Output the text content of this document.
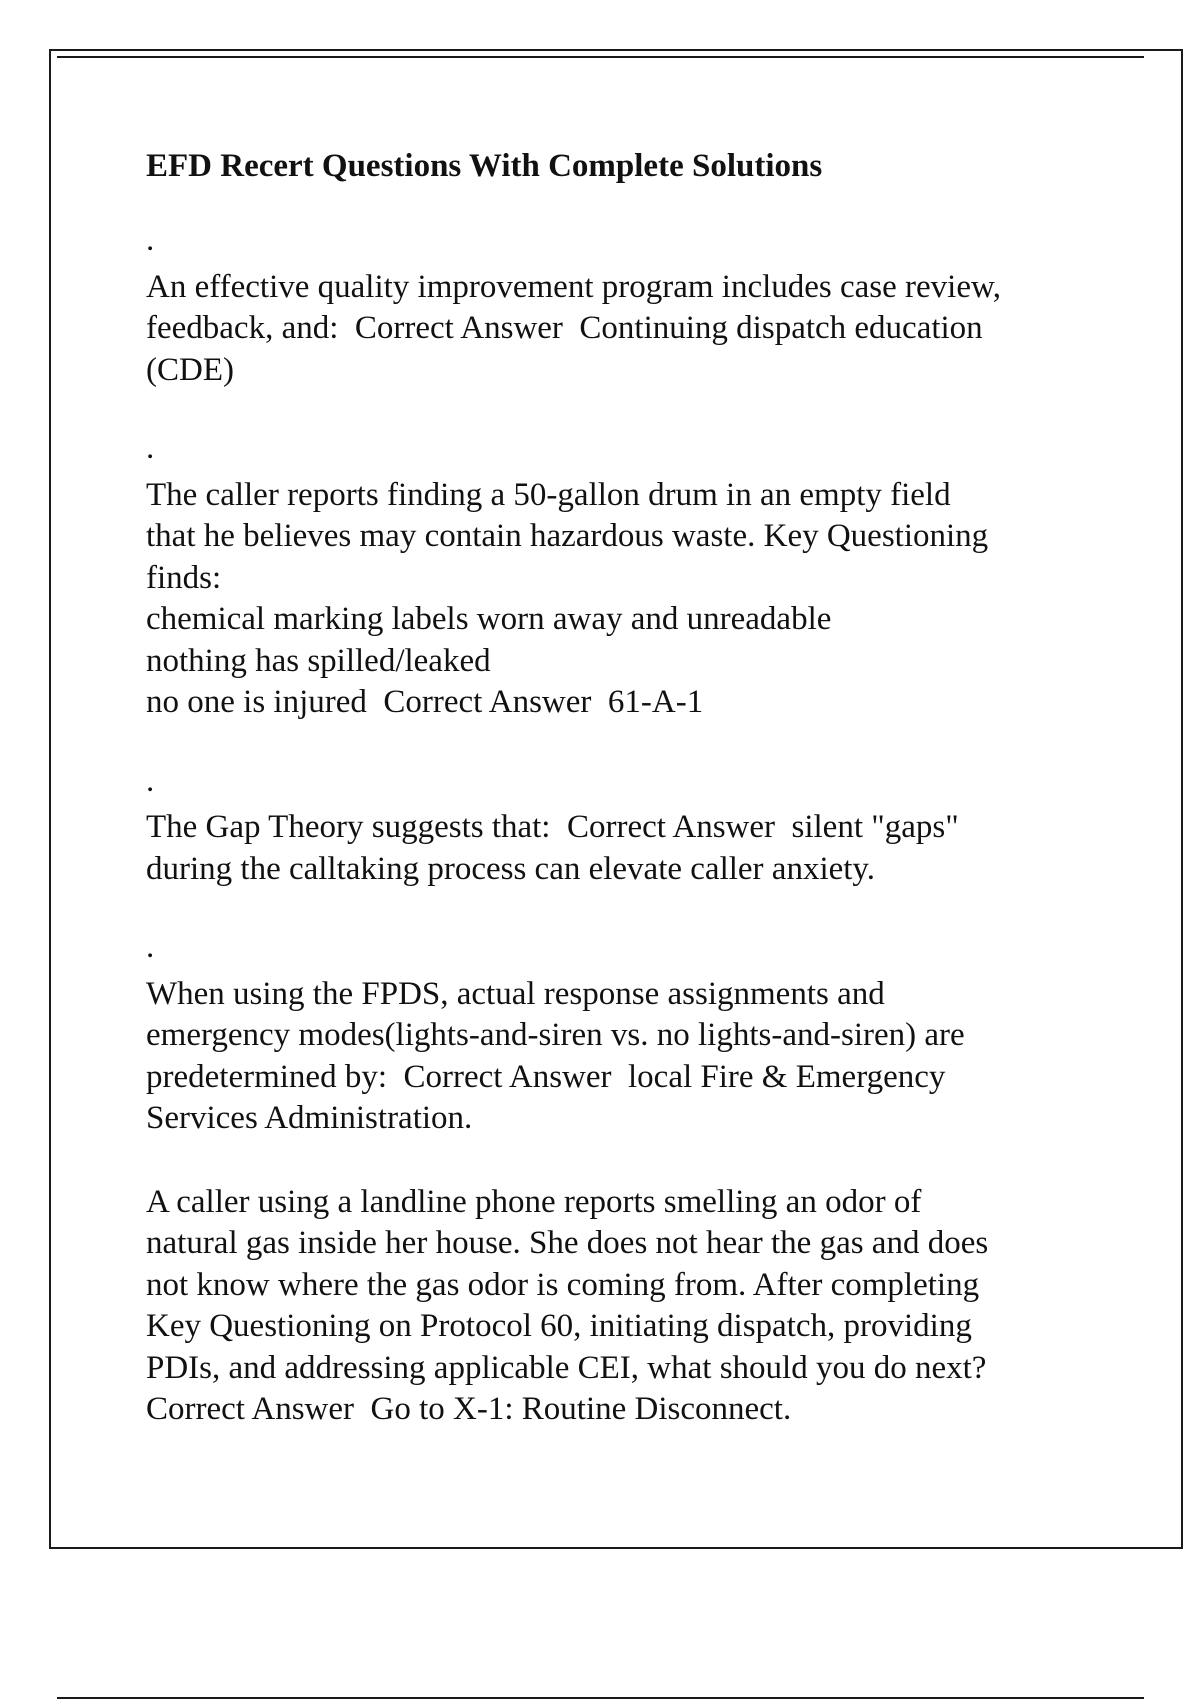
EFD Recert Questions With Complete Solutions
.
An effective quality improvement program includes case review,
feedback, and:  Correct Answer  Continuing dispatch education
(CDE)
.
The caller reports finding a 50-gallon drum in an empty field
that he believes may contain hazardous waste. Key Questioning
finds:
chemical marking labels worn away and unreadable
nothing has spilled/leaked
no one is injured  Correct Answer  61-A-1
.
The Gap Theory suggests that:  Correct Answer  silent "gaps"
during the calltaking process can elevate caller anxiety.
.
When using the FPDS, actual response assignments and
emergency modes(lights-and-siren vs. no lights-and-siren) are
predetermined by:  Correct Answer  local Fire & Emergency
Services Administration.
A caller using a landline phone reports smelling an odor of
natural gas inside her house. She does not hear the gas and does
not know where the gas odor is coming from. After completing
Key Questioning on Protocol 60, initiating dispatch, providing
PDIs, and addressing applicable CEI, what should you do next?
Correct Answer  Go to X-1: Routine Disconnect.
